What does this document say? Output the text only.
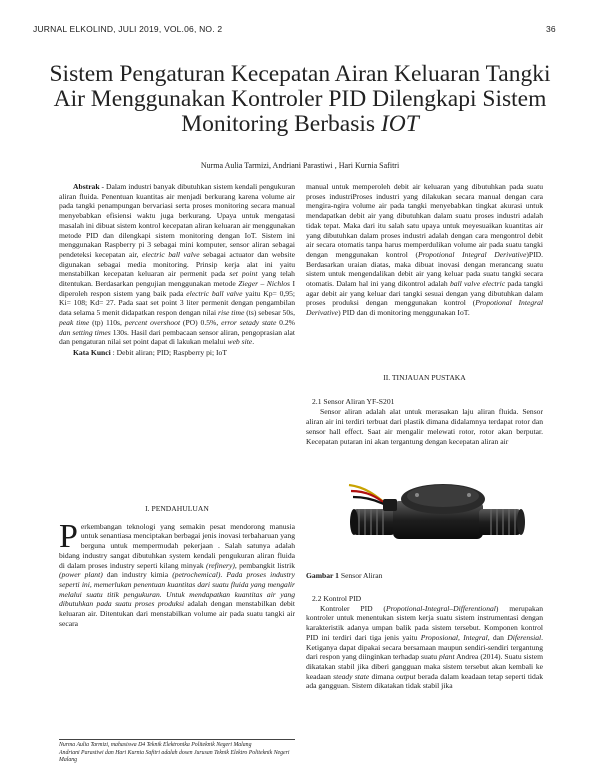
JURNAL ELKOLIND, JULI 2019, VOL.06, NO. 2	36
Sistem Pengaturan Kecepatan Airan Keluaran Tangki
Air Menggunakan Kontroler PID Dilengkapi Sistem
Monitoring Berbasis IOT
Nurma Aulia Tarmizi, Andriani Parastiwi , Hari Kurnia Safitri

Abstrak - Dalam industri banyak dibutuhkan sistem kendali pengukuran aliran fluida. Penentuan kuantitas air menjadi berkurang karena volume air pada tangki penampungan bervariasi serta proses monitoring secara manual menyebabkan efisiensi waktu juga berkurang. Upaya untuk mengatasi masalah ini dibuat sistem kontrol kecepatan aliran keluaran air menggunakan metode PID dan dilengkapi sistem monitoring dengan IoT. Sistem ini menggunakan Raspberry pi 3 sebagai mini komputer, sensor aliran sebagai pendeteksi kecepatan air, electric ball valve sebagai actuator dan website digunakan sebagai media monitoring. Prinsip kerja alat ini yaitu menstabilkan kecepatan keluaran air permenit pada set point yang telah ditentukan. Berdasarkan pengujian menggunakan metode Zieger – Nichlos I diperoleh respon sistem yang baik pada electric ball valve yaitu Kp= 0,95; Ki= 108; Kd= 27. Pada saat set point 3 liter permenit dengan pengambilan data selama 5 menit didapatkan respon dengan nilai rise time (ts) sebesar 50s, peak time (tp) 110s, percent overshoot (PO) 0.5%, error setady state 0.2% dan setting times 130s. Hasil dari pembacaan sensor aliran, pengoprasian alat dan pengaturan nilai set point dapat di lakukan melalui web site.

Kata Kunci : Debit aliran; PID; Raspberry pi; IoT

I. PENDAHULUAN

Perkembangan teknologi yang semakin pesat mendorong manusia untuk senantiasa menciptakan berbagai jenis inovasi terbaharuan yang berguna untuk mempermudah pekerjaan . Salah satunya adalah bidang industry sangat dibutuhkan system kendali pengukuran aliran fluida di dalam proses industry seperti kilang minyak (refinery), pembangkit listrik (power plant) dan industry kimia (petrochemical). Pada proses industry seperti ini, memerlukan penentuan kuantitas dari suatu fluida yang mengalir melalui suatu titik pengukuran. Untuk mendapatkan kuantitas air yang dibutuhkan pada suatu proses produksi adalah dengan menstabilkan debit keluaran air. Ditentukan dari menstabilkan volume air pada suatu tangki air secara

Nurma Aulia Tarmizi, mahasiswa D4 Teknik Elektronika Politeknik Negeri Malang
Andriani Parastiwi dan Hari Kurnia Safitri adalah dosen Jurusan Teknik Elektro Politeknik Negeri Malang

manual untuk memperoleh debit air keluaran yang dibutuhkan pada suatu proses industriProses industri yang dilakukan secara manual dengan cara mengira-ngira volume air pada tangki menyebabkan tingkat akurasi untuk mendapatkan debit air yang dibutuhkan dalam suatu proses industri adalah tidak tepat. Maka dari itu salah satu upaya untuk meyesuaikan kuantitas air yang dibutuhkan dalam proses industri adalah dengan cara mengontrol debit air secara otomatis tanpa harus memperdulikan volume air pada suatu tangki dengan menggunakan kontrol (Propotional Integral Derivative)PID. Berdasarkan uraian diatas, maka dibuat inovasi dengan merancang suatu sistem untuk mengendalikan debit air yang keluar pada suatu tangki secara otomatis. Dalam hal ini yang dikontrol adalah ball valve electric pada tangki agar debit air yang keluar dari tangki sesuai dengan yang dibutuhkan dalam proses produksi dengan menggunakan kontrol (Propotional Integral Derivative) PID dan di monitoring menggunakan IoT.

II. TINJAUAN PUSTAKA

2.1 Sensor Aliran YF-S201

Sensor aliran adalah alat untuk merasakan laju aliran fluida. Sensor aliran air ini terdiri terbuat dari plastik dimana didalamnya terdapat rotor dan sensor hall effect. Saat air mengalir melewati rotor, rotor akan berputar. Kecepatan putaran ini akan tergantung dengan kecepatan aliran air

Gambar 1 Sensor Aliran

2.2 Kontrol PID

Kontroler PID (Propotional-Integral–Differentional) merupakan kontroler untuk menentukan sistem kerja suatu sistem instrumentasi dengan karakteristik adanya umpan balik pada sistem tersebut. Komponen kontrol PID ini terdiri dari tiga jenis yaitu Proposional, Integral, dan Diferensial. Ketiganya dapat dipakai secara bersamaan maupun sendiri-sendiri tergantung dari respon yang diinginkan terhadap suatu plant Andrea (2014). Suatu sistem dikatakan stabil jika diberi gangguan maka sistem tersebut akan kembali ke keadaan steady state dimana output berada dalam keadaan tetap seperti tidak ada gangguan. Sistem dikatakan tidak stabil jika
